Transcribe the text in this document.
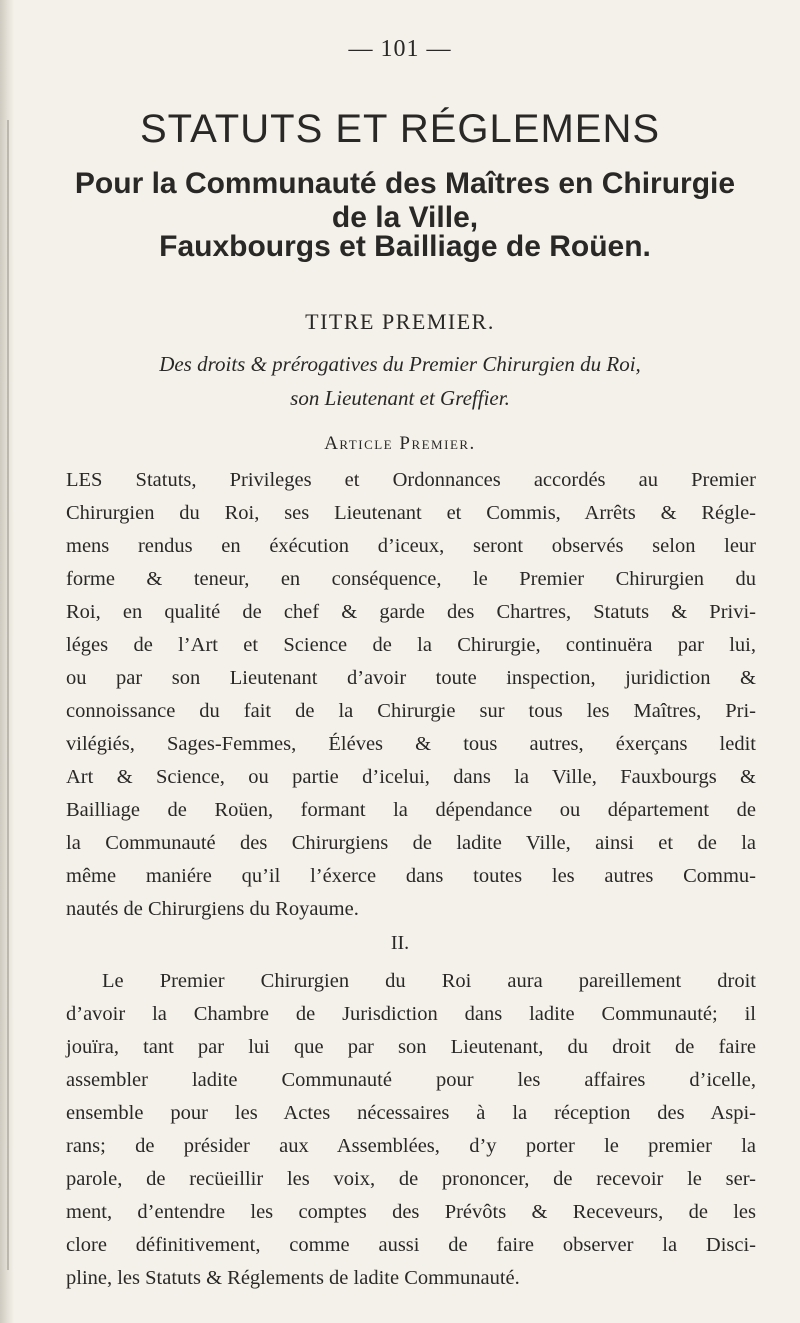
— 101 —
STATUTS ET RÉGLEMENS
Pour la Communauté des Maîtres en Chirurgie de la Ville,
Fauxbourgs et Bailliage de Roüen.
TITRE PREMIER.
Des droits & prérogatives du Premier Chirurgien du Roi,
son Lieutenant et Greffier.
Article Premier.
LES Statuts, Privileges et Ordonnances accordés au Premier
Chirurgien du Roi, ses Lieutenant et Commis, Arrêts & Régle-
mens rendus en éxécution d’iceux, seront observés selon leur
forme & teneur, en conséquence, le Premier Chirurgien du
Roi, en qualité de chef & garde des Chartres, Statuts & Privi-
léges de l’Art et Science de la Chirurgie, continuëra par lui,
ou par son Lieutenant d’avoir toute inspection, juridiction &
connoissance du fait de la Chirurgie sur tous les Maîtres, Pri-
vilégiés, Sages-Femmes, Éléves & tous autres, éxerçans ledit
Art & Science, ou partie d’icelui, dans la Ville, Fauxbourgs &
Bailliage de Roüen, formant la dépendance ou département de
la Communauté des Chirurgiens de ladite Ville, ainsi et de la
même maniére qu’il l’éxerce dans toutes les autres Commu-
nautés de Chirurgiens du Royaume.
II.
Le Premier Chirurgien du Roi aura pareillement droit
d’avoir la Chambre de Jurisdiction dans ladite Communauté; il
jouïra, tant par lui que par son Lieutenant, du droit de faire
assembler ladite Communauté pour les affaires d’icelle,
ensemble pour les Actes nécessaires à la réception des Aspi-
rans; de présider aux Assemblées, d’y porter le premier la
parole, de recüeillir les voix, de prononcer, de recevoir le ser-
ment, d’entendre les comptes des Prévôts & Receveurs, de les
clore définitivement, comme aussi de faire observer la Disci-
pline, les Statuts & Réglements de ladite Communauté.
